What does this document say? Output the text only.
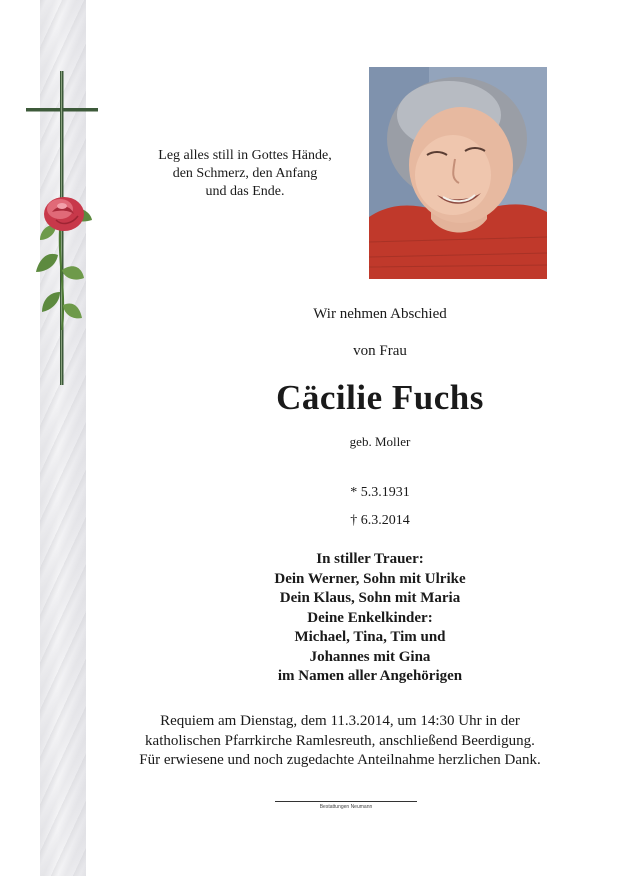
Leg alles still in Gottes Hände,
den Schmerz, den Anfang
und das Ende.
Wir nehmen Abschied
von Frau
Cäcilie Fuchs
geb. Moller
* 5.3.1931
† 6.3.2014
In stiller Trauer:
Dein Werner, Sohn mit Ulrike
Dein Klaus, Sohn mit Maria
Deine Enkelkinder:
Michael, Tina, Tim und
Johannes mit Gina
im Namen aller Angehörigen
Requiem am Dienstag, dem 11.3.2014, um 14:30 Uhr in der
katholischen Pfarrkirche Ramlesreuth, anschließend Beerdigung.
Für erwiesene und noch zugedachte Anteilnahme herzlichen Dank.
Bestattungen Neumann
